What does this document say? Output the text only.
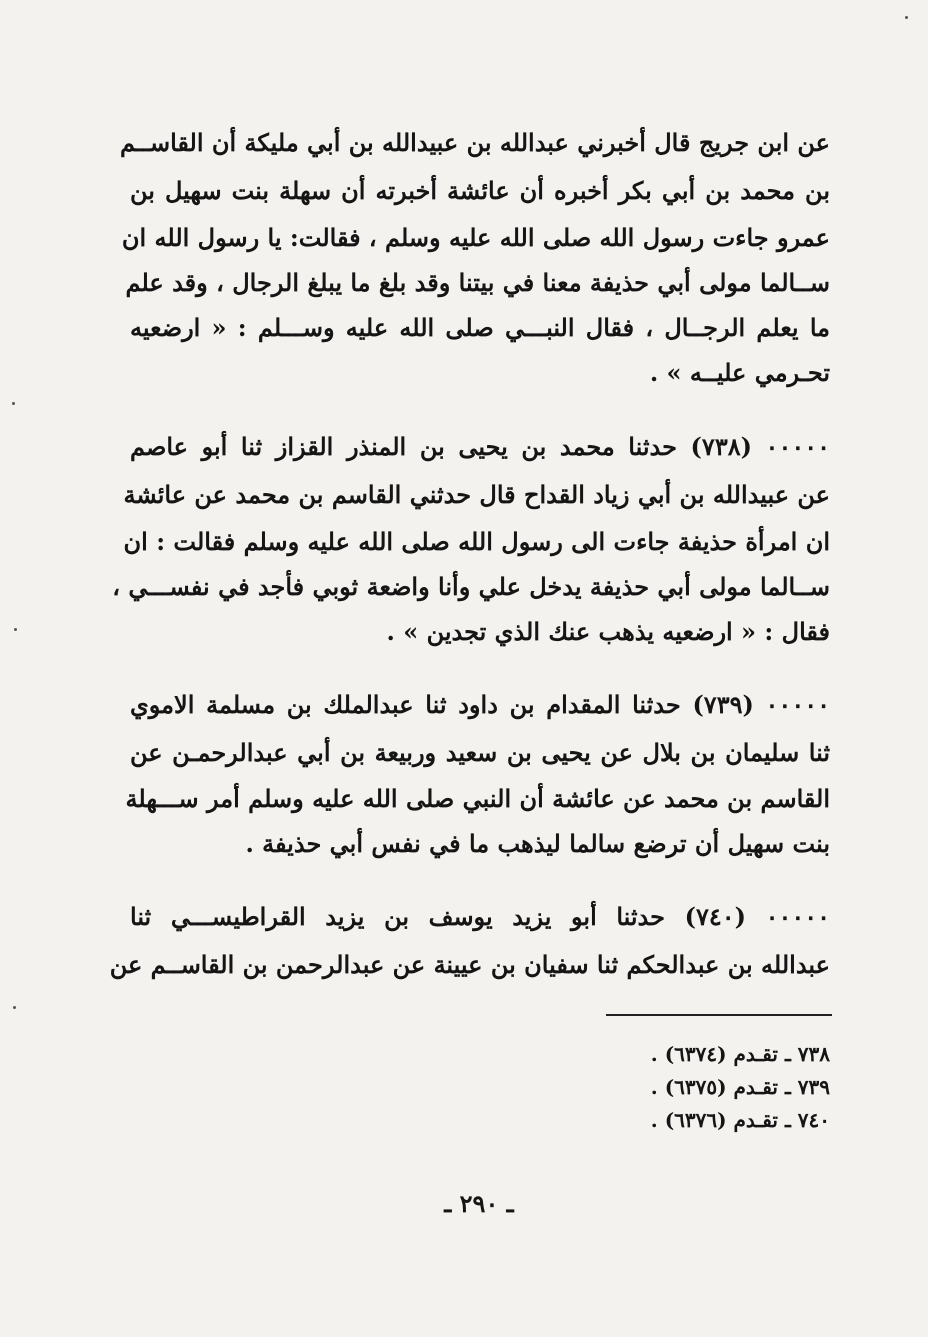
عن ابن جريج قال أخبرني عبدالله بن عبيدالله بن أبي مليكة أن القاســم
بن محمد بن أبي بكر أخبره أن عائشة أخبرته أن سهلة بنت سهيل بن
عمرو جاءت رسول الله صلى الله عليه وسلم ، فقالت: يا رسول الله ان
ســالما مولى أبي حذيفة معنا في بيتنا وقد بلغ ما يبلغ الرجال ، وقد علم
ما يعلم الرجــال ، فقال النبـــي صلى الله عليه وســـلم : « ارضعيه
تحـرمي عليــه » .
٠٠٠٠٠ (٧٣٨) حدثنا محمد بن يحيى بن المنذر القزاز ثنا أبو عاصم
عن عبيدالله بن أبي زياد القداح قال حدثني القاسم بن محمد عن عائشة
ان امرأة حذيفة جاءت الى رسول الله صلى الله عليه وسلم فقالت : ان
ســالما مولى أبي حذيفة يدخل علي وأنا واضعة ثوبي فأجد في نفســـي ،
فقال : « ارضعيه يذهب عنك الذي تجدين » .
٠٠٠٠٠ (٧٣٩) حدثنا المقدام بن داود ثنا عبدالملك بن مسلمة الاموي
ثنا سليمان بن بلال عن يحيى بن سعيد وربيعة بن أبي عبدالرحمـن عن
القاسم بن محمد عن عائشة أن النبي صلى الله عليه وسلم أمر ســـهلة
بنت سهيل أن ترضع سالما ليذهب ما في نفس أبي حذيفة .
٠٠٠٠٠ (٧٤٠) حدثنا أبو يزيد يوسف بن يزيد القراطيســـي ثنا
عبدالله بن عبدالحكم ثنا سفيان بن عيينة عن عبدالرحمن بن القاســم عن
٧٣٨ ـ تقـدم (٦٣٧٤) .
٧٣٩ ـ تقـدم (٦٣٧٥) .
٧٤٠ ـ تقـدم (٦٣٧٦) .
ـ ٢٩٠ ـ
